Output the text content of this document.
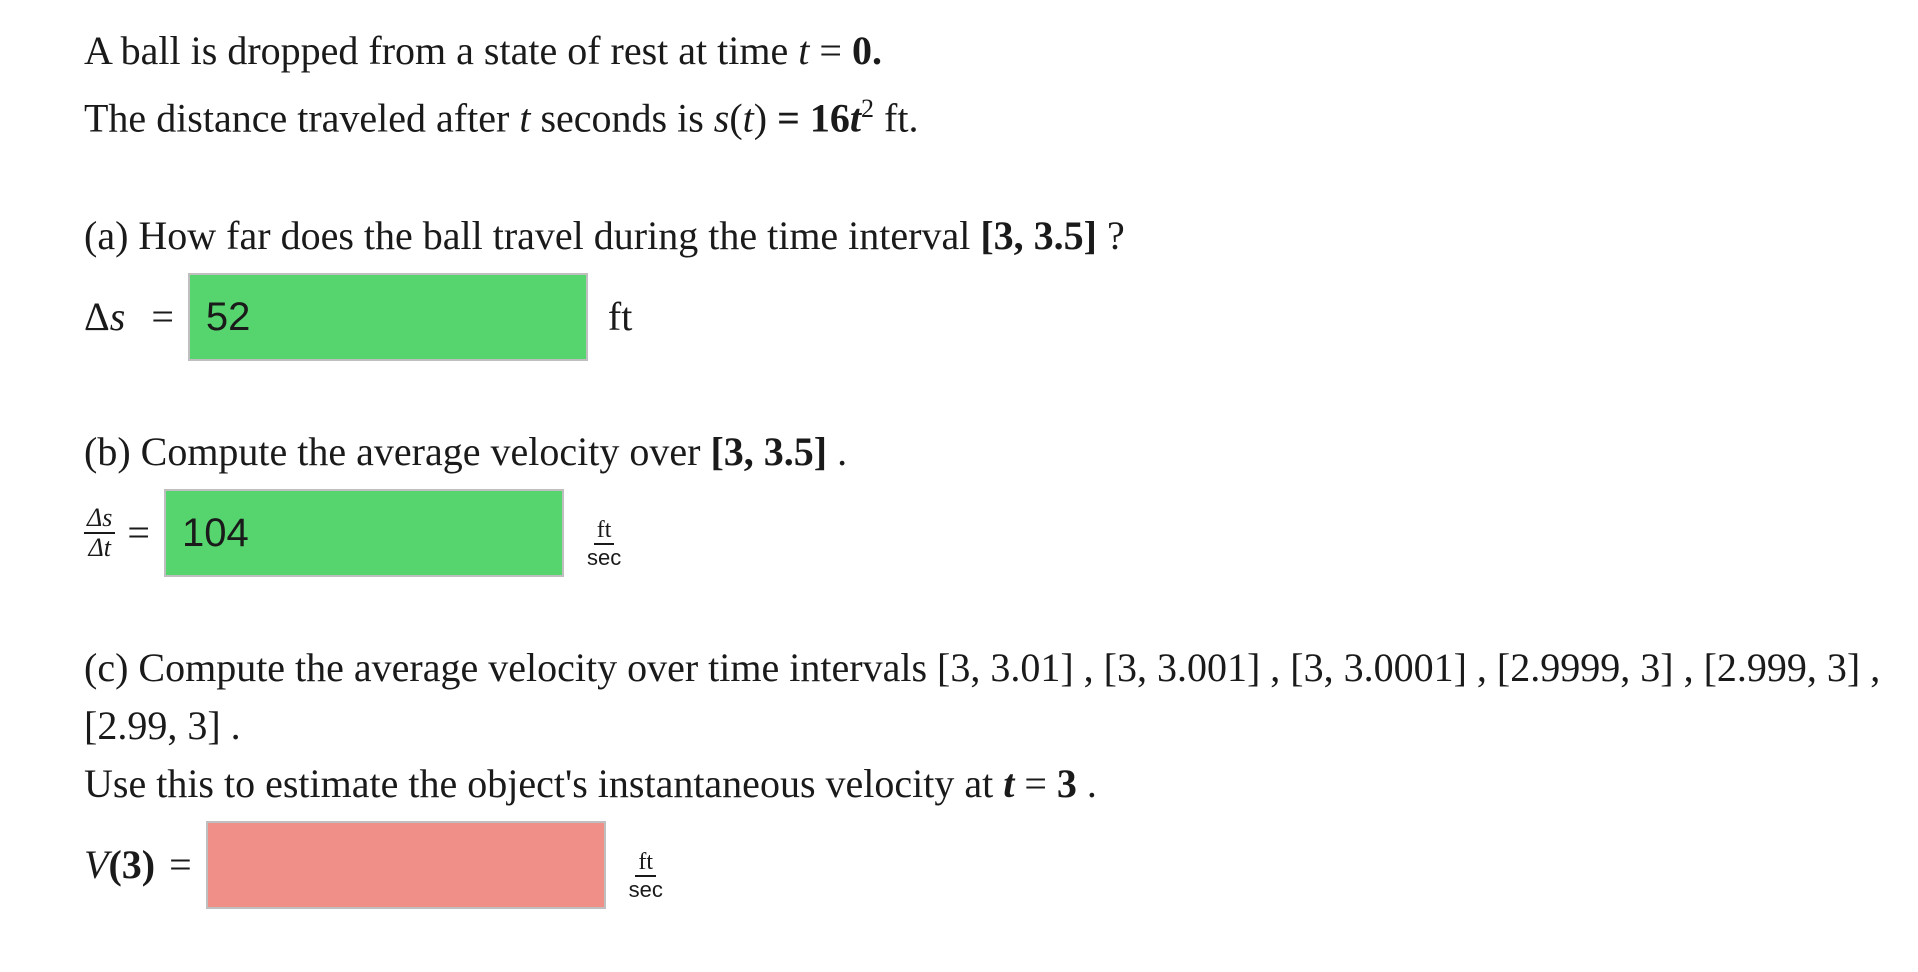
A ball is dropped from a state of rest at time t = 0.
The distance traveled after t seconds is $s(t) = 16t^2$ ft.
(a) How far does the ball travel during the time interval [3, 3.5] ?
Δ s = 52	ft
(b) Compute the average velocity over [3, 3.5] .
$\frac{\Delta s}{\Delta t} = 104$	$\frac{ft}{\sec}$
(c) Compute the average velocity over time intervals [3, 3.01] , [3, 3.001] , [3, 3.0001] , [2.9999, 3] , [2.999, 3] , [2.99, 3] .
Use this to estimate the object's instantaneous velocity at t = 3 .
V (3) =	$\frac{ft}{\sec}$
